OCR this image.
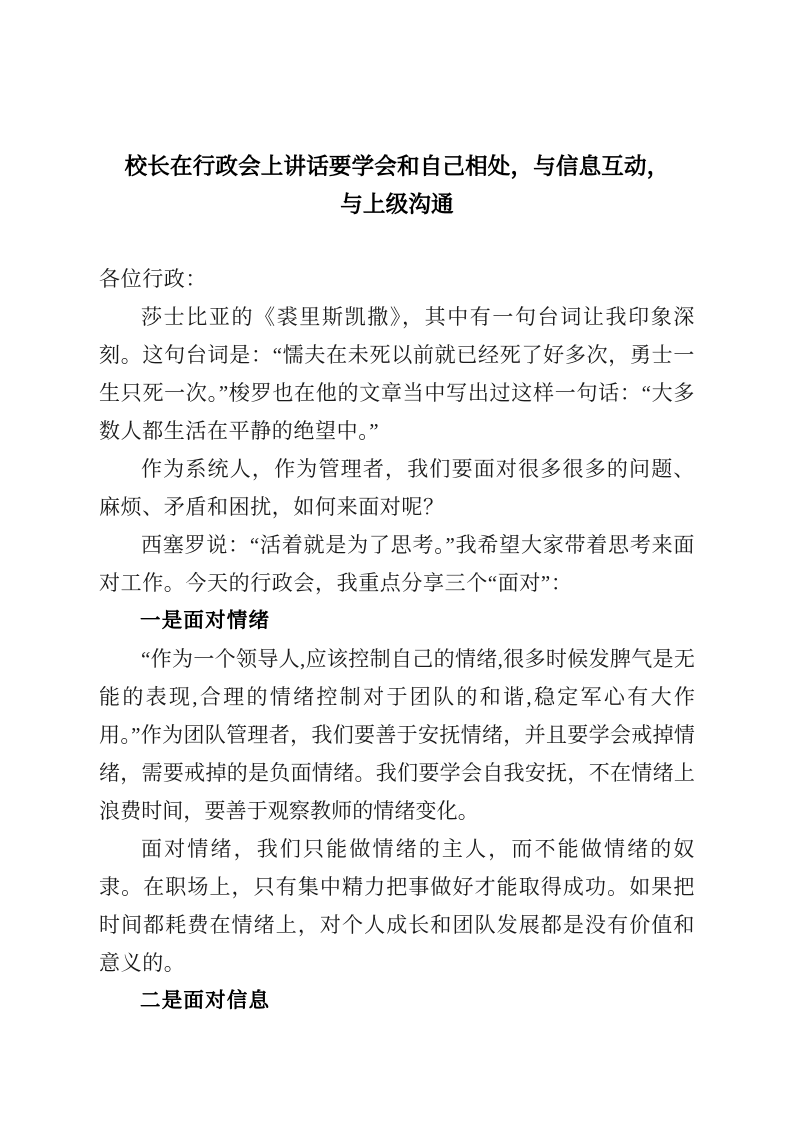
校长在行政会上讲话要学会和自己相处，与信息互动，
与上级沟通

各位行政：

莎士比亚的《裘里斯凯撒》，其中有一句台词让我印象深刻。这句台词是：“懦夫在未死以前就已经死了好多次，勇士一生只死一次。”梭罗也在他的文章当中写出过这样一句话：“大多数人都生活在平静的绝望中。”

作为系统人，作为管理者，我们要面对很多很多的问题、麻烦、矛盾和困扰，如何来面对呢？

西塞罗说：“活着就是为了思考。”我希望大家带着思考来面对工作。今天的行政会，我重点分享三个“面对”：

一是面对情绪

“作为一个领导人,应该控制自己的情绪,很多时候发脾气是无能的表现,合理的情绪控制对于团队的和谐,稳定军心有大作用。”作为团队管理者，我们要善于安抚情绪，并且要学会戒掉情绪，需要戒掉的是负面情绪。我们要学会自我安抚，不在情绪上浪费时间，要善于观察教师的情绪变化。

面对情绪，我们只能做情绪的主人，而不能做情绪的奴隶。在职场上，只有集中精力把事做好才能取得成功。如果把时间都耗费在情绪上，对个人成长和团队发展都是没有价值和意义的。

二是面对信息
